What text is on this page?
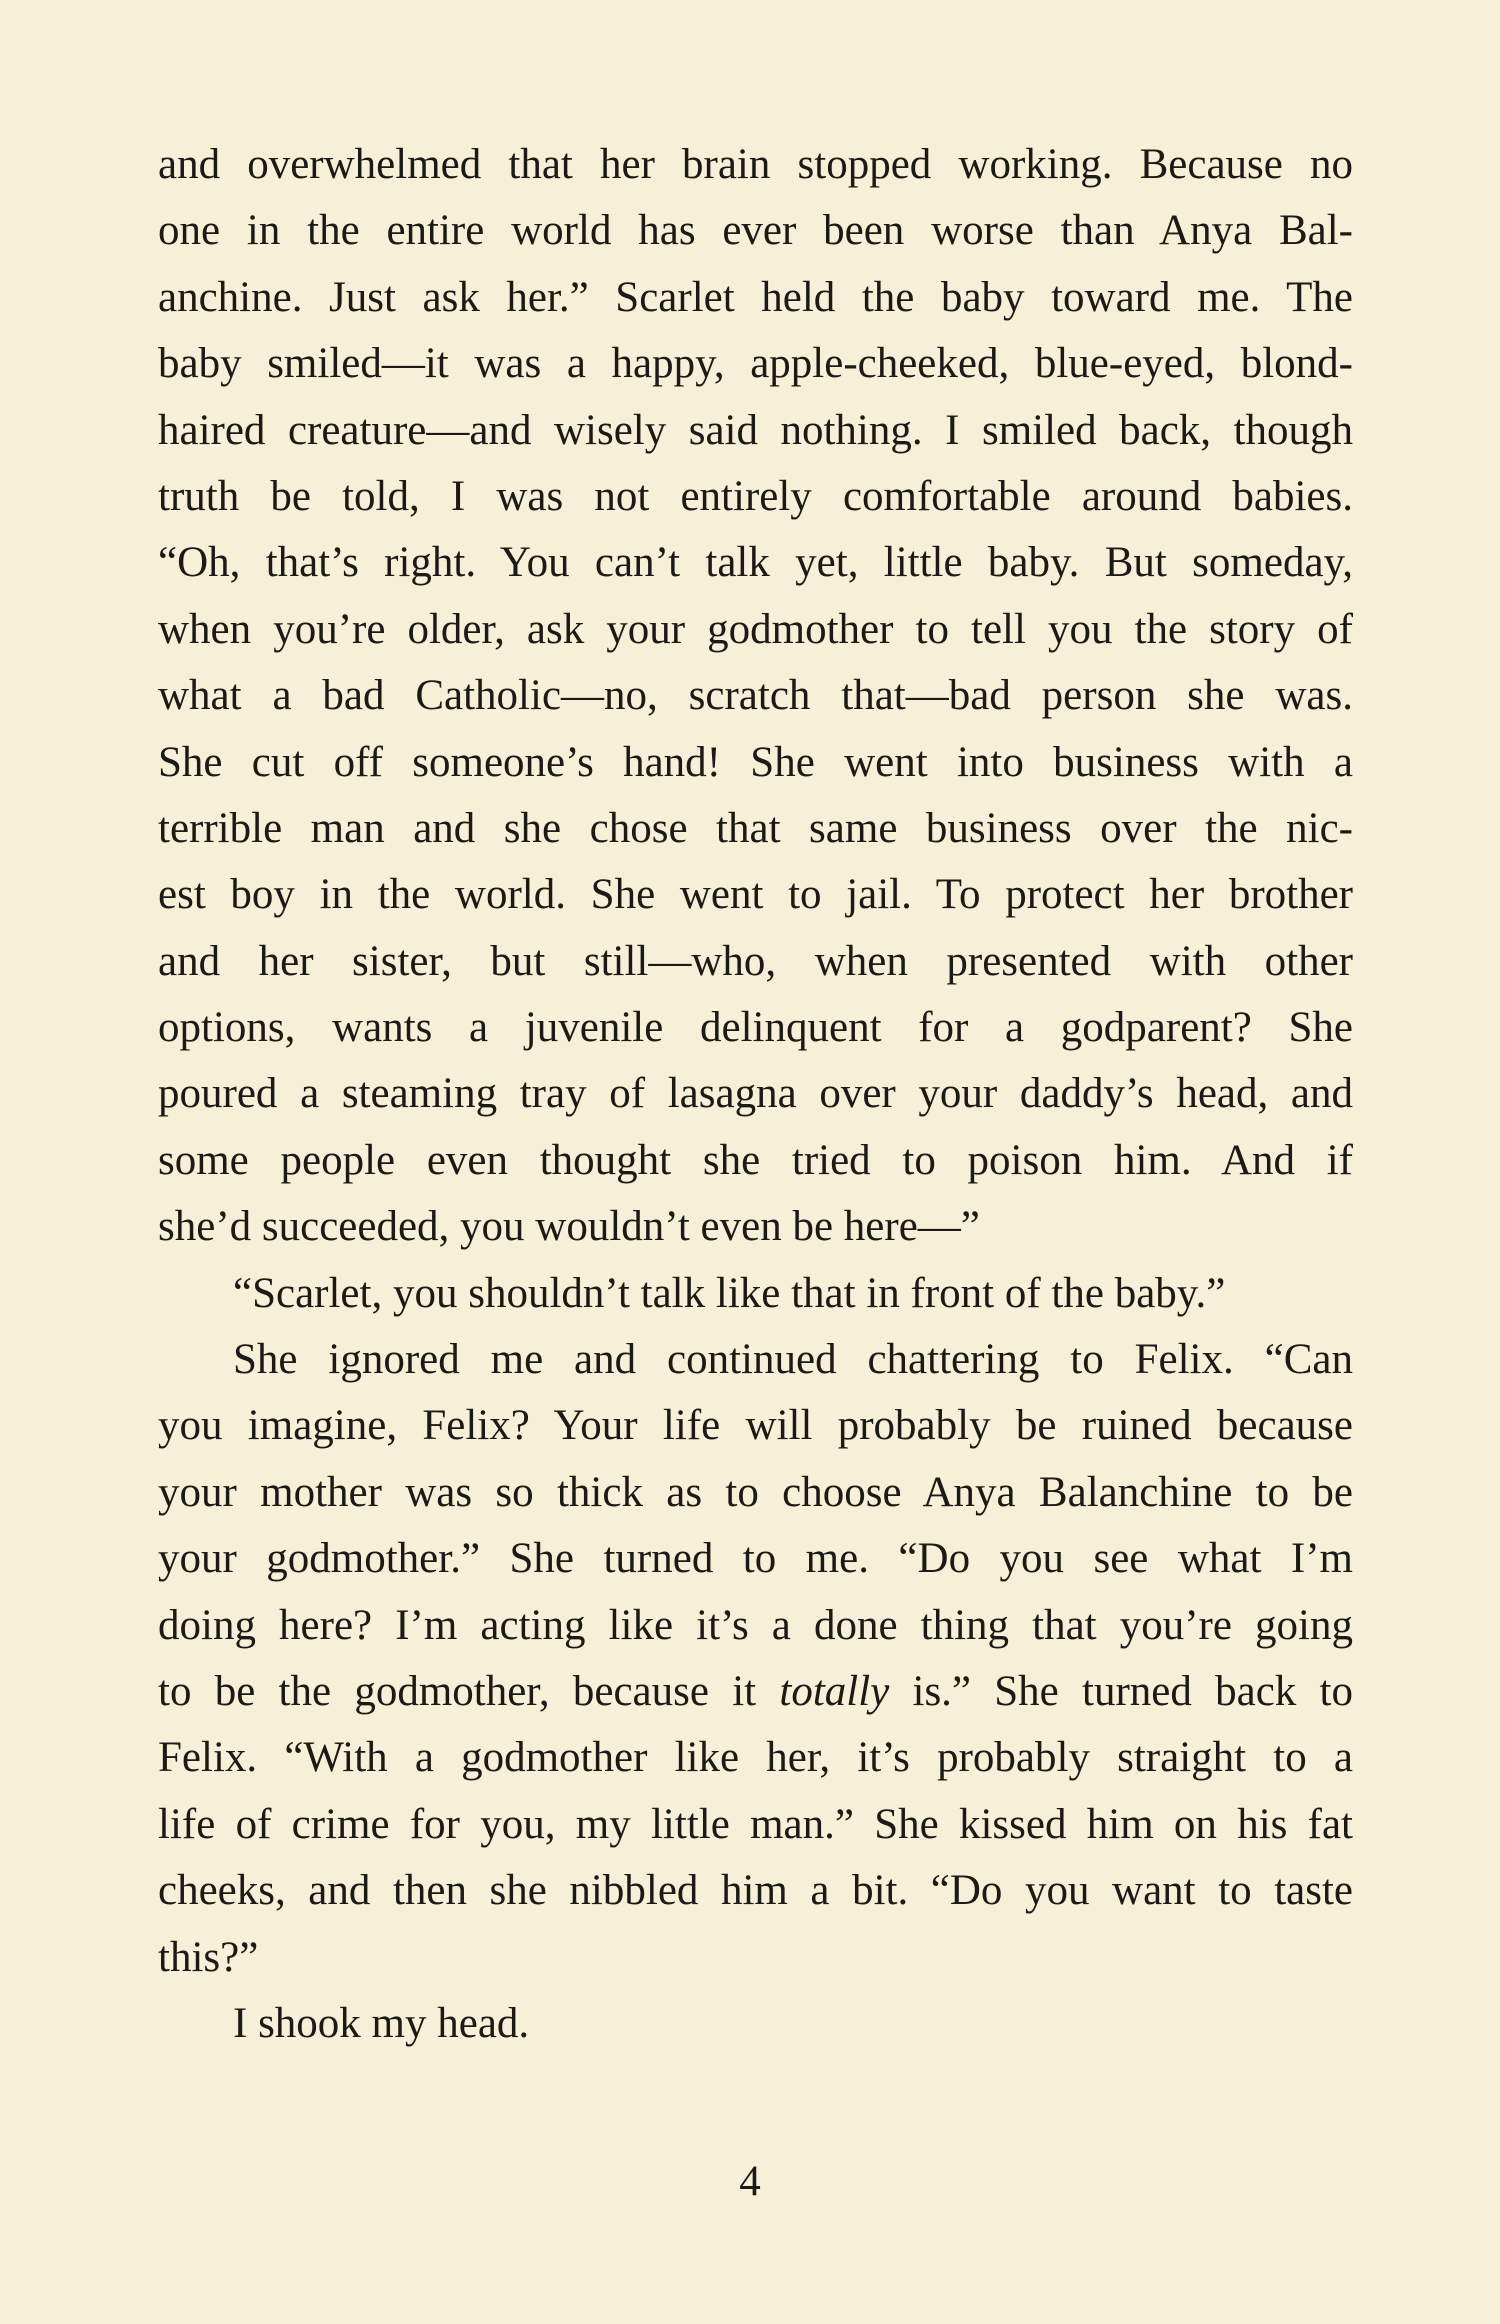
and overwhelmed that her brain stopped working. Because no
one in the entire world has ever been worse than Anya Bal-
anchine. Just ask her.” Scarlet held the baby toward me. The
baby smiled—it was a happy, apple-cheeked, blue-eyed, blond-
haired creature—and wisely said nothing. I smiled back, though
truth be told, I was not entirely comfortable around babies.
“Oh, that’s right. You can’t talk yet, little baby. But someday,
when you’re older, ask your godmother to tell you the story of
what a bad Catholic—no, scratch that—bad person she was.
She cut off someone’s hand! She went into business with a
terrible man and she chose that same business over the nic-
est boy in the world. She went to jail. To protect her brother
and her sister, but still—who, when presented with other
options, wants a juvenile delinquent for a godparent? She
poured a steaming tray of lasagna over your daddy’s head, and
some people even thought she tried to poison him. And if
she’d succeeded, you wouldn’t even be here—”
“Scarlet, you shouldn’t talk like that in front of the baby.”
She ignored me and continued chattering to Felix. “Can
you imagine, Felix? Your life will probably be ruined because
your mother was so thick as to choose Anya Balanchine to be
your godmother.” She turned to me. “Do you see what I’m
doing here? I’m acting like it’s a done thing that you’re going
to be the godmother, because it totally is.” She turned back to
Felix. “With a godmother like her, it’s probably straight to a
life of crime for you, my little man.” She kissed him on his fat
cheeks, and then she nibbled him a bit. “Do you want to taste
this?”
I shook my head.
4
